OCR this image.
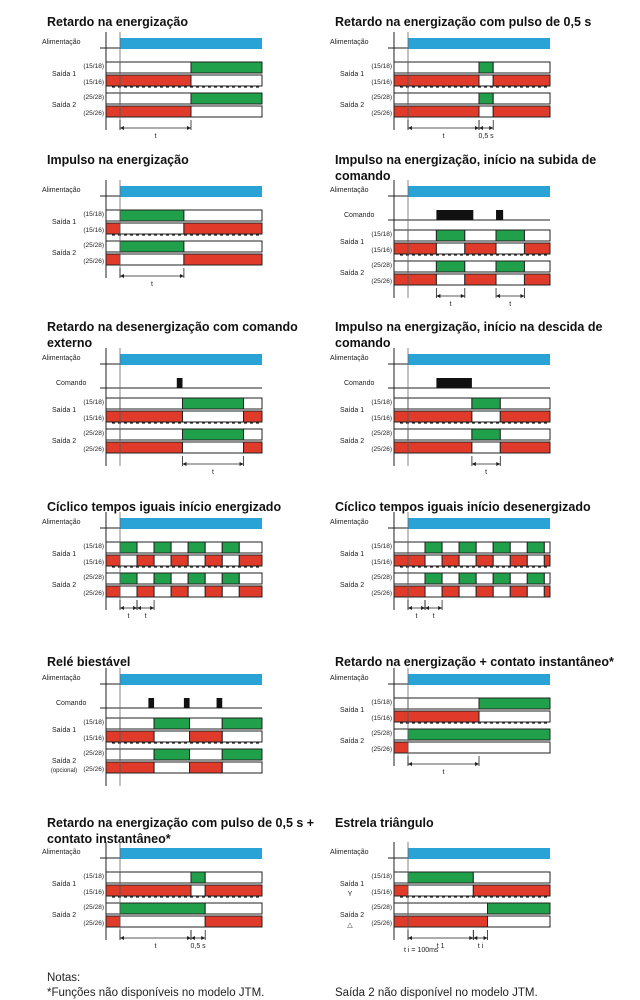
Retardo na energização	Retardo na energização com pulso de 0,5 s
Impulso na energização	Impulso na energização, início na subida de comando
Retardo na desenergização com comando externo
Impulso na energização, início na descida de comando
Cíclico tempos iguais início energizado	Cíclico tempos iguais início desenergizado
Relé biestável	Retardo na energização + contato instantâneo*
Retardo na energização com pulso de 0,5 s + contato instantâneo*
Estrela triângulo
Alimentação
Saída 1
(15/18)
(15/16)
Saída 2
(25/28)
(25/26)
t
Alimentação
Saída 1
(15/18)
(15/16)
Saída 2
(25/28)
(25/26)
t	0,5 s
Alimentação
Saída 1
(15/18)
(15/16)
Saída 2
(25/28)
(25/26)
t
Alimentação
Comando
Saída 1
(15/18)
(15/16)
Saída 2
(25/28)
(25/26)
t	t
Alimentação
Comando
Saída 1
(15/18)
(15/16)
Saída 2
(25/28)
(25/26)
t
Alimentação
Comando
Saída 1
(15/18)
(15/16)
Saída 2
(25/28)
(25/26)
t
Alimentação
Saída 1
(15/18)
(15/16)
Saída 2
(25/28)
(25/26)
t t
Alimentação
Saída 1
(15/18)
(15/16)
Saída 2
(25/28)
(25/26)
t t
Alimentação
Comando
Saída 1
(15/18)
(15/16)
Saída 2
(25/28)
(25/26)
(opcional)
Alimentação
Saída 1
(15/18)
(15/16)
Saída 2
(25/28)
(25/26)
t
Alimentação
Saída 1
(15/18)
(15/16)
Saída 2
(25/28)
(25/26)
t	0,5 s
Alimentação
Saída 1
Y
(15/18)
(15/16)
Saída 2
△
(25/28)
(25/26)
t 1	t i
t i = 100ms
Notas:
*Funções não disponíveis no modelo JTM.	Saída 2 não disponível no modelo JTM.
